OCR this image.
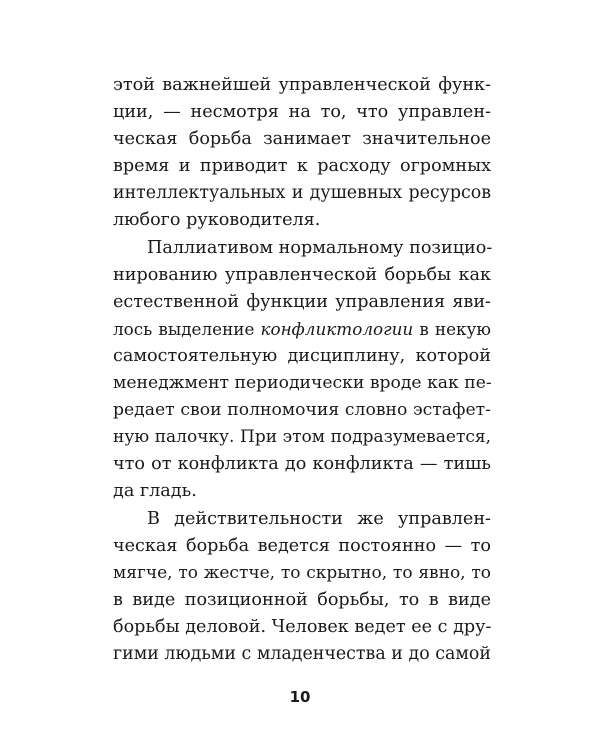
этой важнейшей управленческой функ-
ции, — несмотря на то, что управлен-
ческая борьба занимает значительное
время и приводит к расходу огромных
интеллектуальных и душевных ресурсов
любого руководителя.
Паллиативом нормальному позицио-
нированию управленческой борьбы как
естественной функции управления яви-
лось выделение конфликтологии в некую
самостоятельную дисциплину, которой
менеджмент периодически вроде как пе-
редает свои полномочия словно эстафет-
ную палочку. При этом подразумевается,
что от конфликта до конфликта — тишь
да гладь.
В действительности же управлен-
ческая борьба ведется постоянно — то
мягче, то жестче, то скрытно, то явно, то
в виде позиционной борьбы, то в виде
борьбы деловой. Человек ведет ее с дру-
гими людьми с младенчества и до самой
10
